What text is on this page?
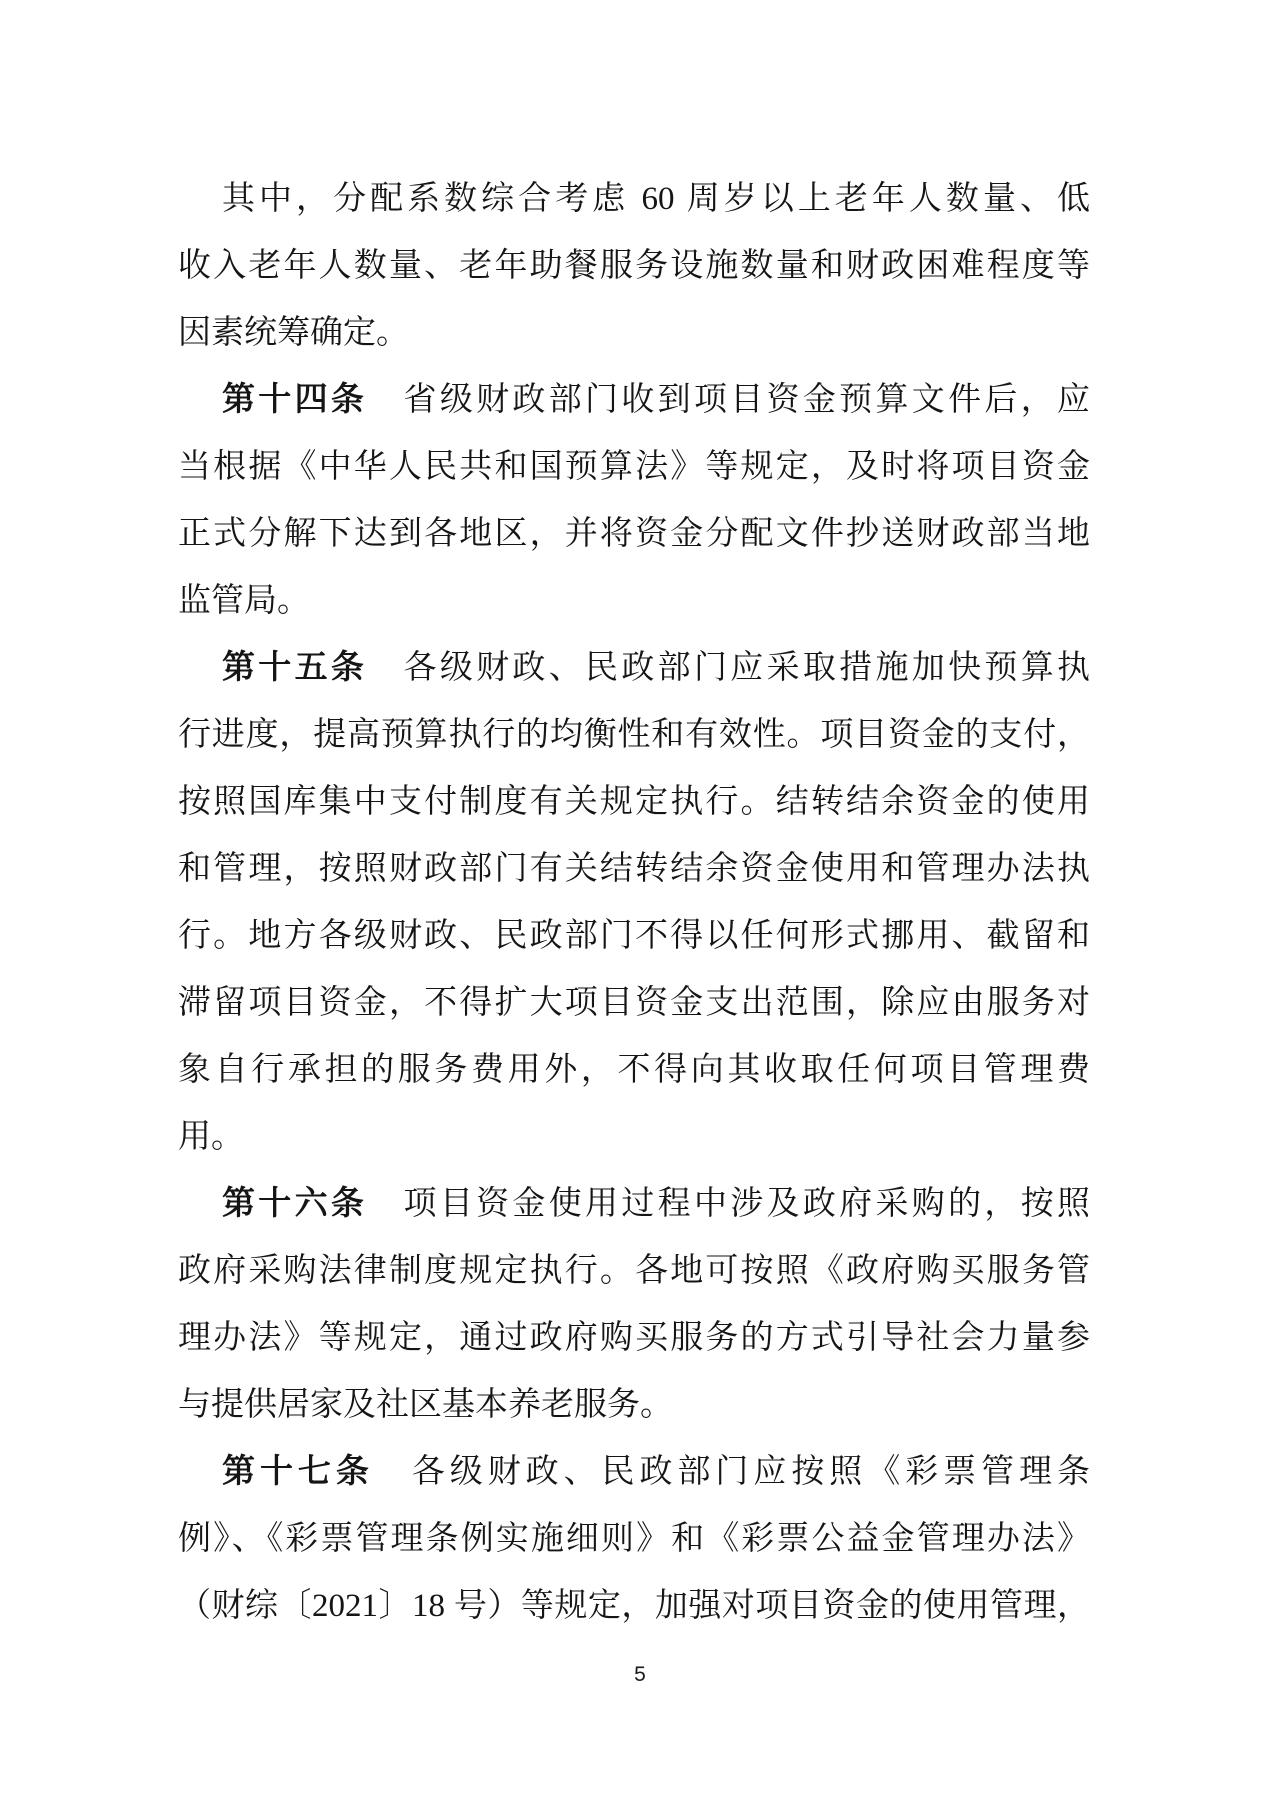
其中，分配系数综合考虑 60 周岁以上老年人数量、低
收入老年人数量、老年助餐服务设施数量和财政困难程度等
因素统筹确定。
第十四条　省级财政部门收到项目资金预算文件后，应
当根据《中华人民共和国预算法》等规定，及时将项目资金
正式分解下达到各地区，并将资金分配文件抄送财政部当地
监管局。
第十五条　各级财政、民政部门应采取措施加快预算执
行进度，提高预算执行的均衡性和有效性。项目资金的支付，
按照国库集中支付制度有关规定执行。结转结余资金的使用
和管理，按照财政部门有关结转结余资金使用和管理办法执
行。地方各级财政、民政部门不得以任何形式挪用、截留和
滞留项目资金，不得扩大项目资金支出范围，除应由服务对
象自行承担的服务费用外，不得向其收取任何项目管理费
用。
第十六条　项目资金使用过程中涉及政府采购的，按照
政府采购法律制度规定执行。各地可按照《政府购买服务管
理办法》等规定，通过政府购买服务的方式引导社会力量参
与提供居家及社区基本养老服务。
第十七条　各级财政、民政部门应按照《彩票管理条
例》、《彩票管理条例实施细则》和《彩票公益金管理办法》
（财综〔2021〕18 号）等规定，加强对项目资金的使用管理，
5
